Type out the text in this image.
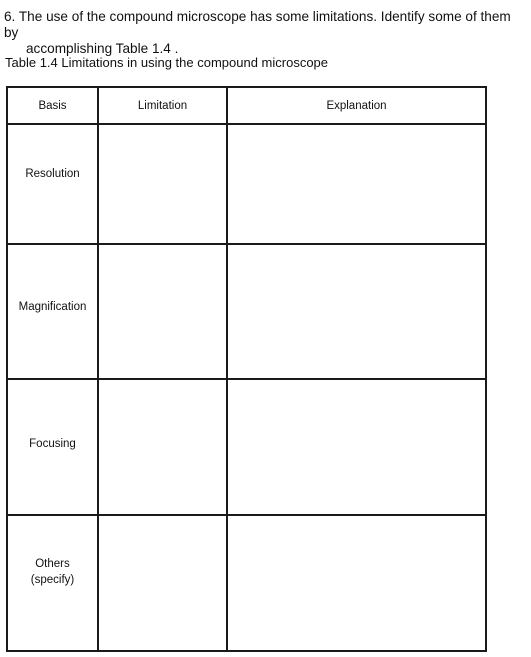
6. The use of the compound microscope has some limitations. Identify some of them by
accomplishing Table 1.4 .
Table 1.4 Limitations in using the compound microscope
Basis	Limitation	Explanation

Resolution		

Magnification		

Focusing		

Others
(specify)		
